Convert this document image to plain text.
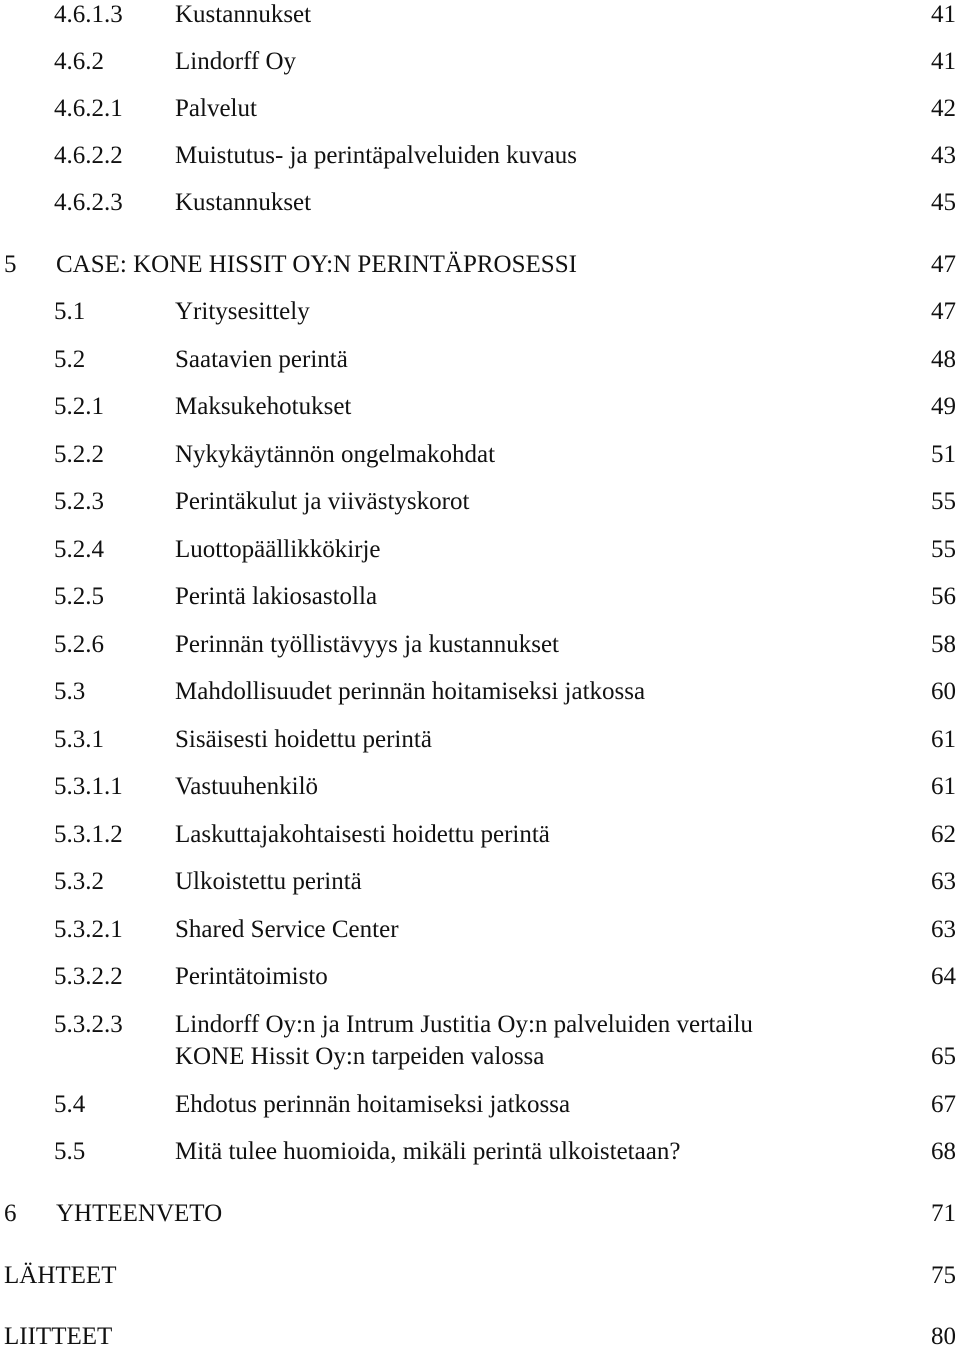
4.6.1.3 Kustannukset	41
4.6.2	Lindorff Oy	41
4.6.2.1 Palvelut	42
4.6.2.2 Muistutus- ja perintäpalveluiden kuvaus	43
4.6.2.3 Kustannukset	45
5 CASE: KONE HISSIT OY:N PERINTÄPROSESSI	47
5.1	Yritysesittely	47
5.2	Saatavien perintä	48
5.2.1	Maksukehotukset	49
5.2.2	Nykykäytännön ongelmakohdat	51
5.2.3	Perintäkulut ja viivästyskorot	55
5.2.4	Luottopäällikkökirje	55
5.2.5	Perintä lakiosastolla	56
5.2.6	Perinnän työllistävyys ja kustannukset	58
5.3	Mahdollisuudet perinnän hoitamiseksi jatkossa	60
5.3.1	Sisäisesti hoidettu perintä	61
5.3.1.1 Vastuuhenkilö	61
5.3.1.2 Laskuttajakohtaisesti hoidettu perintä	62
5.3.2	Ulkoistettu perintä	63
5.3.2.1 Shared Service Center	63
5.3.2.2 Perintätoimisto	64
5.3.2.3 Lindorff Oy:n ja Intrum Justitia Oy:n palveluiden vertailu
KONE Hissit Oy:n tarpeiden valossa	65
5.4	Ehdotus perinnän hoitamiseksi jatkossa	67
5.5	Mitä tulee huomioida, mikäli perintä ulkoistetaan?	68
6 YHTEENVETO	71
LÄHTEET	75
LIITTEET	80
